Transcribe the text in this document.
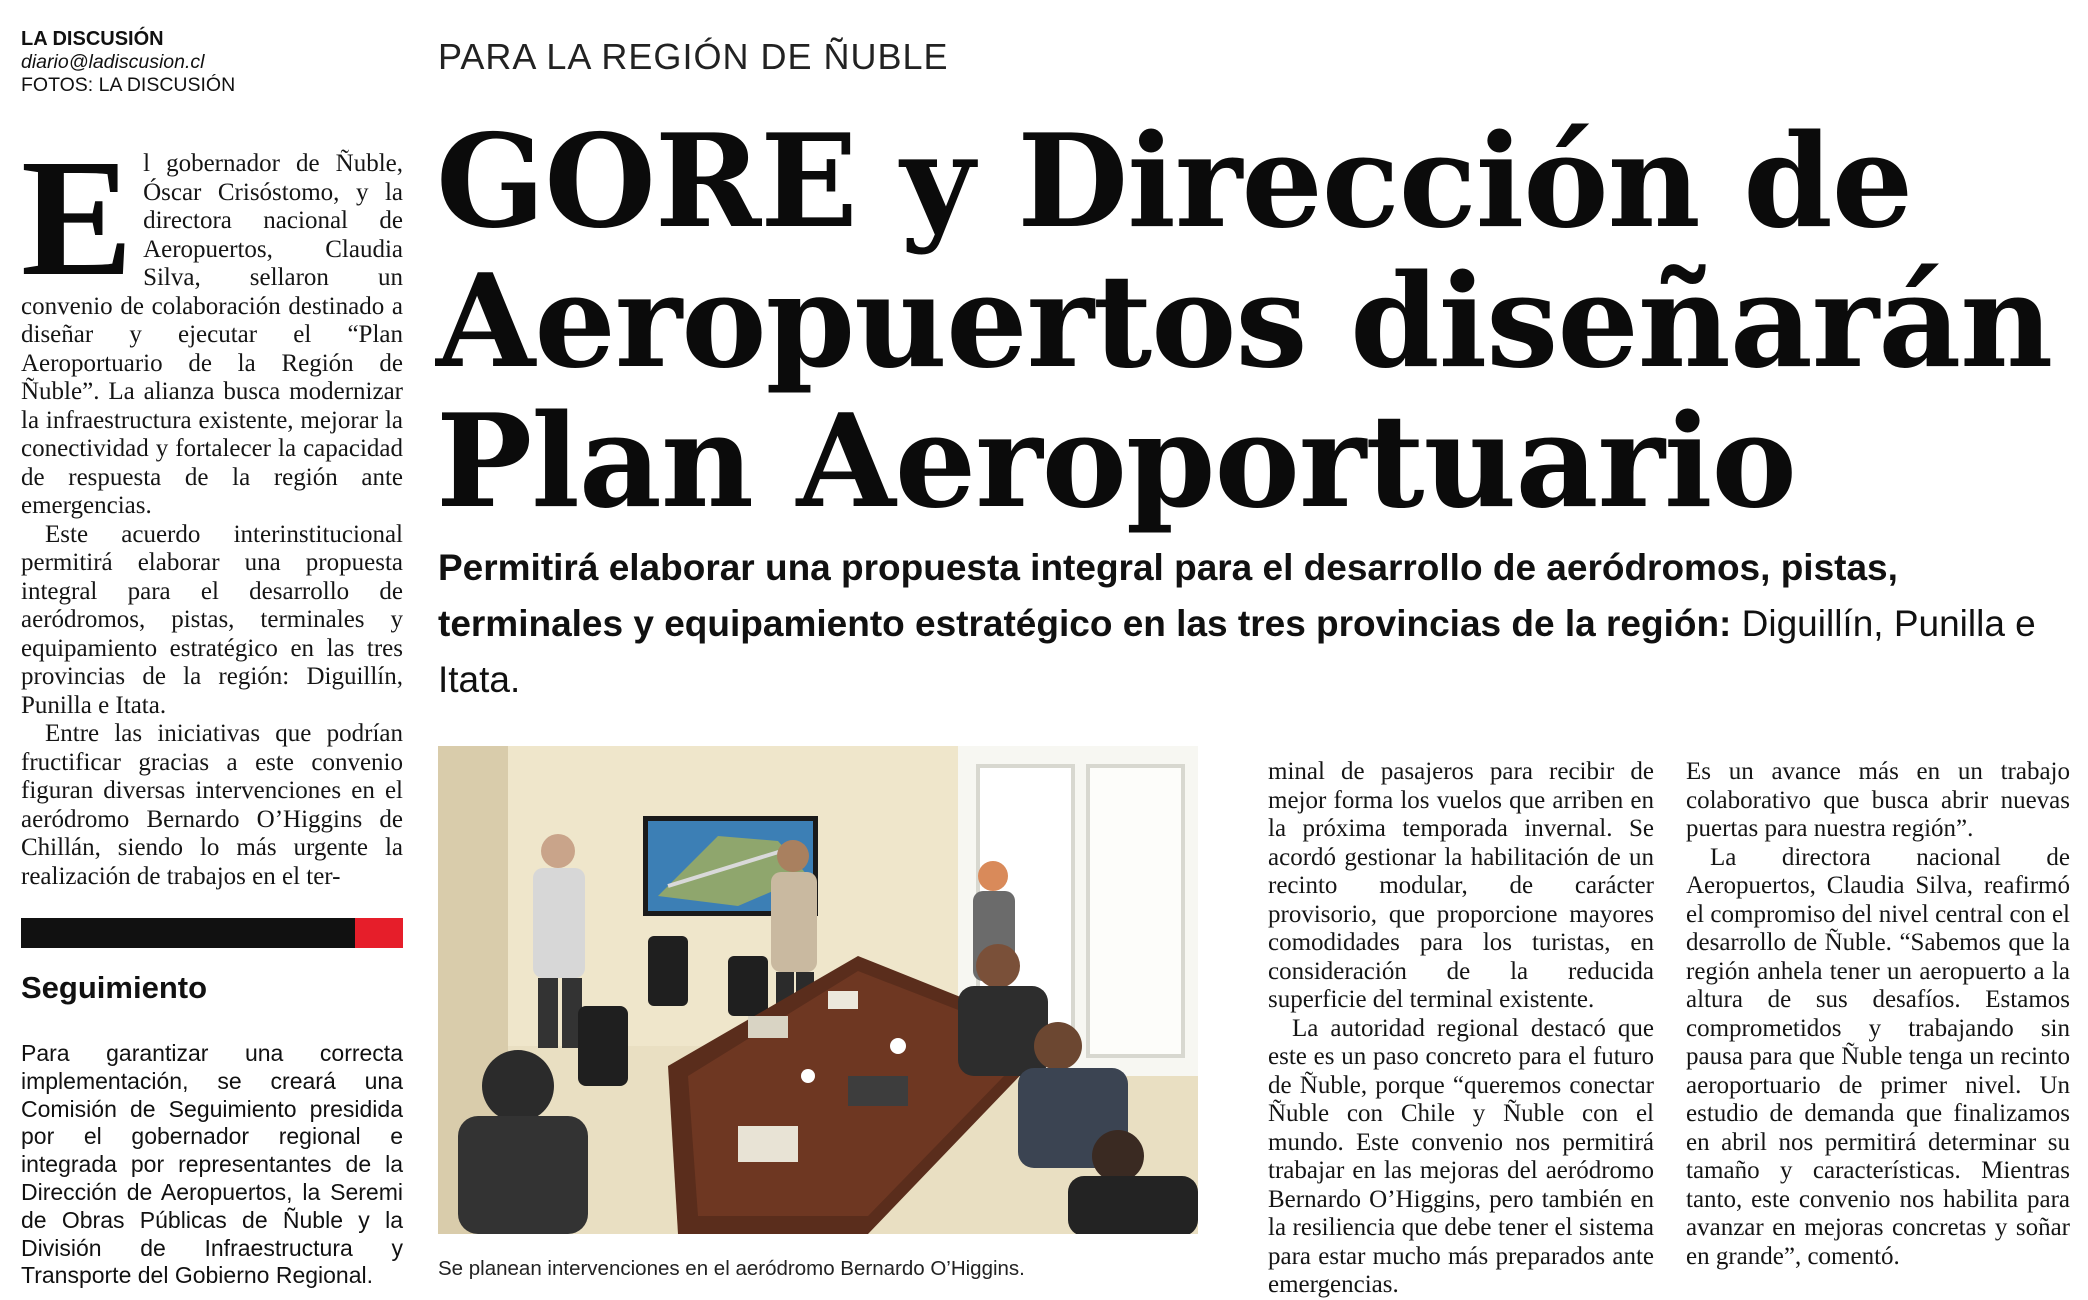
LA DISCUSIÓN
diario@ladiscusion.cl
FOTOS: LA DISCUSIÓN
PARA LA REGIÓN DE ÑUBLE
GORE y Dirección de
Aeropuertos diseñarán
Plan Aeroportuario

Permitirá elaborar una propuesta integral para el desarrollo de aeródromos, pistas, terminales y equipamiento estratégico en las tres provincias de la región: Diguillín, Punilla e Itata.

E l gobernador de Ñuble, Óscar Crisóstomo, y la directora nacional de Aeropuertos, Claudia Silva, sellaron un convenio de colaboración destinado a diseñar y ejecutar el “Plan Aeroportuario de la Región de Ñuble”. La alianza busca modernizar la infraestructura existente, mejorar la conectividad y fortalecer la capacidad de respuesta de la región ante emergencias.

Este acuerdo interinstitucional permitirá elaborar una propuesta integral para el desarrollo de aeródromos, pistas, terminales y equipamiento estratégico en las tres provincias de la región: Diguillín, Punilla e Itata.

Entre las iniciativas que podrían fructificar gracias a este convenio figuran diversas intervenciones en el aeródromo Bernardo O’Higgins de Chillán, siendo lo más urgente la realización de trabajos en el ter-

Seguimiento

Para garantizar una correcta implementación, se creará una Comisión de Seguimiento presidida por el gobernador regional e integrada por representantes de la Dirección de Aeropuertos, la Seremi de Obras Públicas de Ñuble y la División de Infraestructura y Transporte del Gobierno Regional.	Se planean intervenciones en el aeródromo Bernardo O’Higgins.

minal de pasajeros para recibir de mejor forma los vuelos que arriben en la próxima temporada invernal. Se acordó gestionar la habilitación de un recinto modular, de carácter provisorio, que proporcione mayores comodidades para los turistas, en consideración de la reducida superficie del terminal existente.

La autoridad regional destacó que este es un paso concreto para el futuro de Ñuble, porque “queremos conectar Ñuble con Chile y Ñuble con el mundo. Este convenio nos permitirá trabajar en las mejoras del aeródromo Bernardo O’Higgins, pero también en la resiliencia que debe tener el sistema para estar mucho más preparados ante emergencias.

Es un avance más en un trabajo colaborativo que busca abrir nuevas puertas para nuestra región”.

La directora nacional de Aeropuertos, Claudia Silva, reafirmó el compromiso del nivel central con el desarrollo de Ñuble. “Sabemos que la región anhela tener un aeropuerto a la altura de sus desafíos. Estamos comprometidos y trabajando sin pausa para que Ñuble tenga un recinto aeroportuario de primer nivel. Un estudio de demanda que finalizamos en abril nos permitirá determinar su tamaño y características. Mientras tanto, este convenio nos habilita para avanzar en mejoras concretas y soñar en grande”, comentó.
